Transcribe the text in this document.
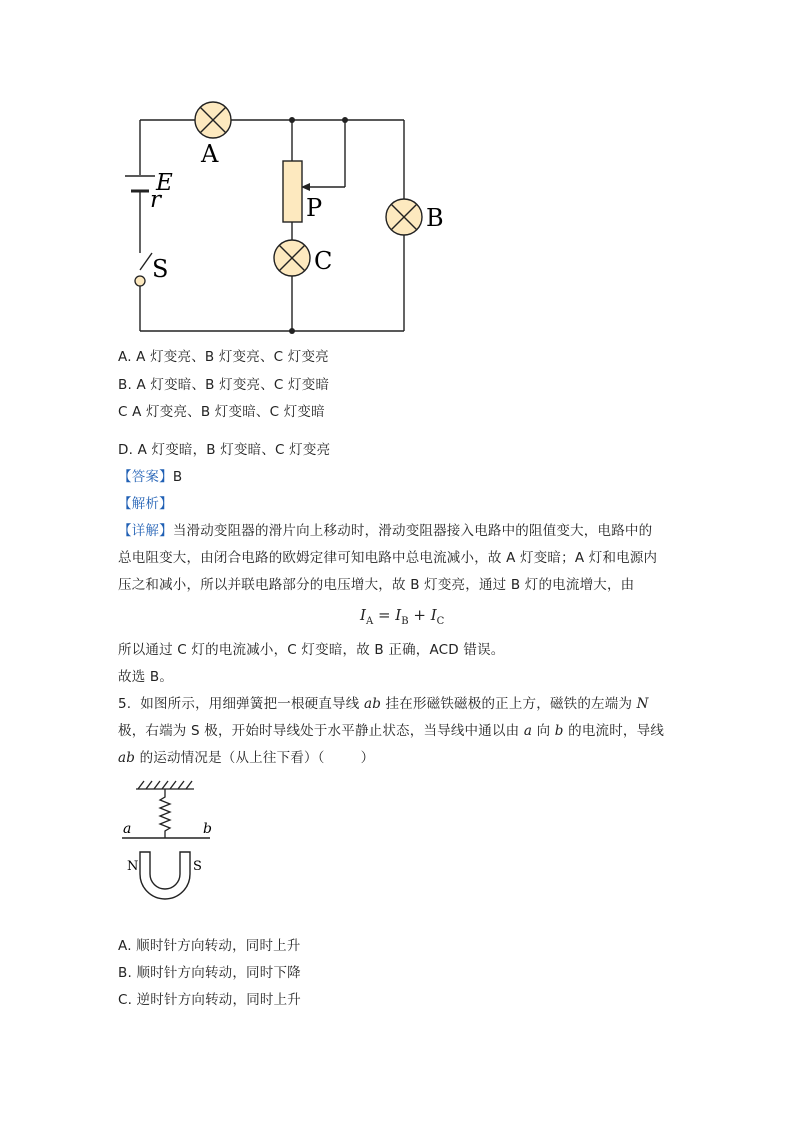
A
B
C
P
E
r
S
A. A 灯变亮、B 灯变亮、C 灯变亮
B. A 灯变暗、B 灯变亮、C 灯变暗
C A 灯变亮、B 灯变暗、C 灯变暗
D. A 灯变暗，B 灯变暗、C 灯变亮
【答案】B
【解析】
【详解】当滑动变阻器的滑片向上移动时，滑动变阻器接入电路中的阻值变大，电路中的
总电阻变大，由闭合电路的欧姆定律可知电路中总电流减小，故 A 灯变暗；A 灯和电源内
压之和减小，所以并联电路部分的电压增大，故 B 灯变亮，通过 B 灯的电流增大，由
$I_A = I_B + I_C$
所以通过 C 灯的电流减小，C 灯变暗，故 B 正确，ACD 错误。
故选 B。
5.  如图所示，用细弹簧把一根硬直导线 ab 挂在形磁铁磁极的正上方，磁铁的左端为 N
极，右端为 S 极，开始时导线处于水平静止状态，当导线中通以由 a 向 b 的电流时，导线
ab 的运动情况是（从上往下看）（        ）
a	b
N	S
A. 顺时针方向转动，同时上升
B. 顺时针方向转动，同时下降
C. 逆时针方向转动，同时上升
